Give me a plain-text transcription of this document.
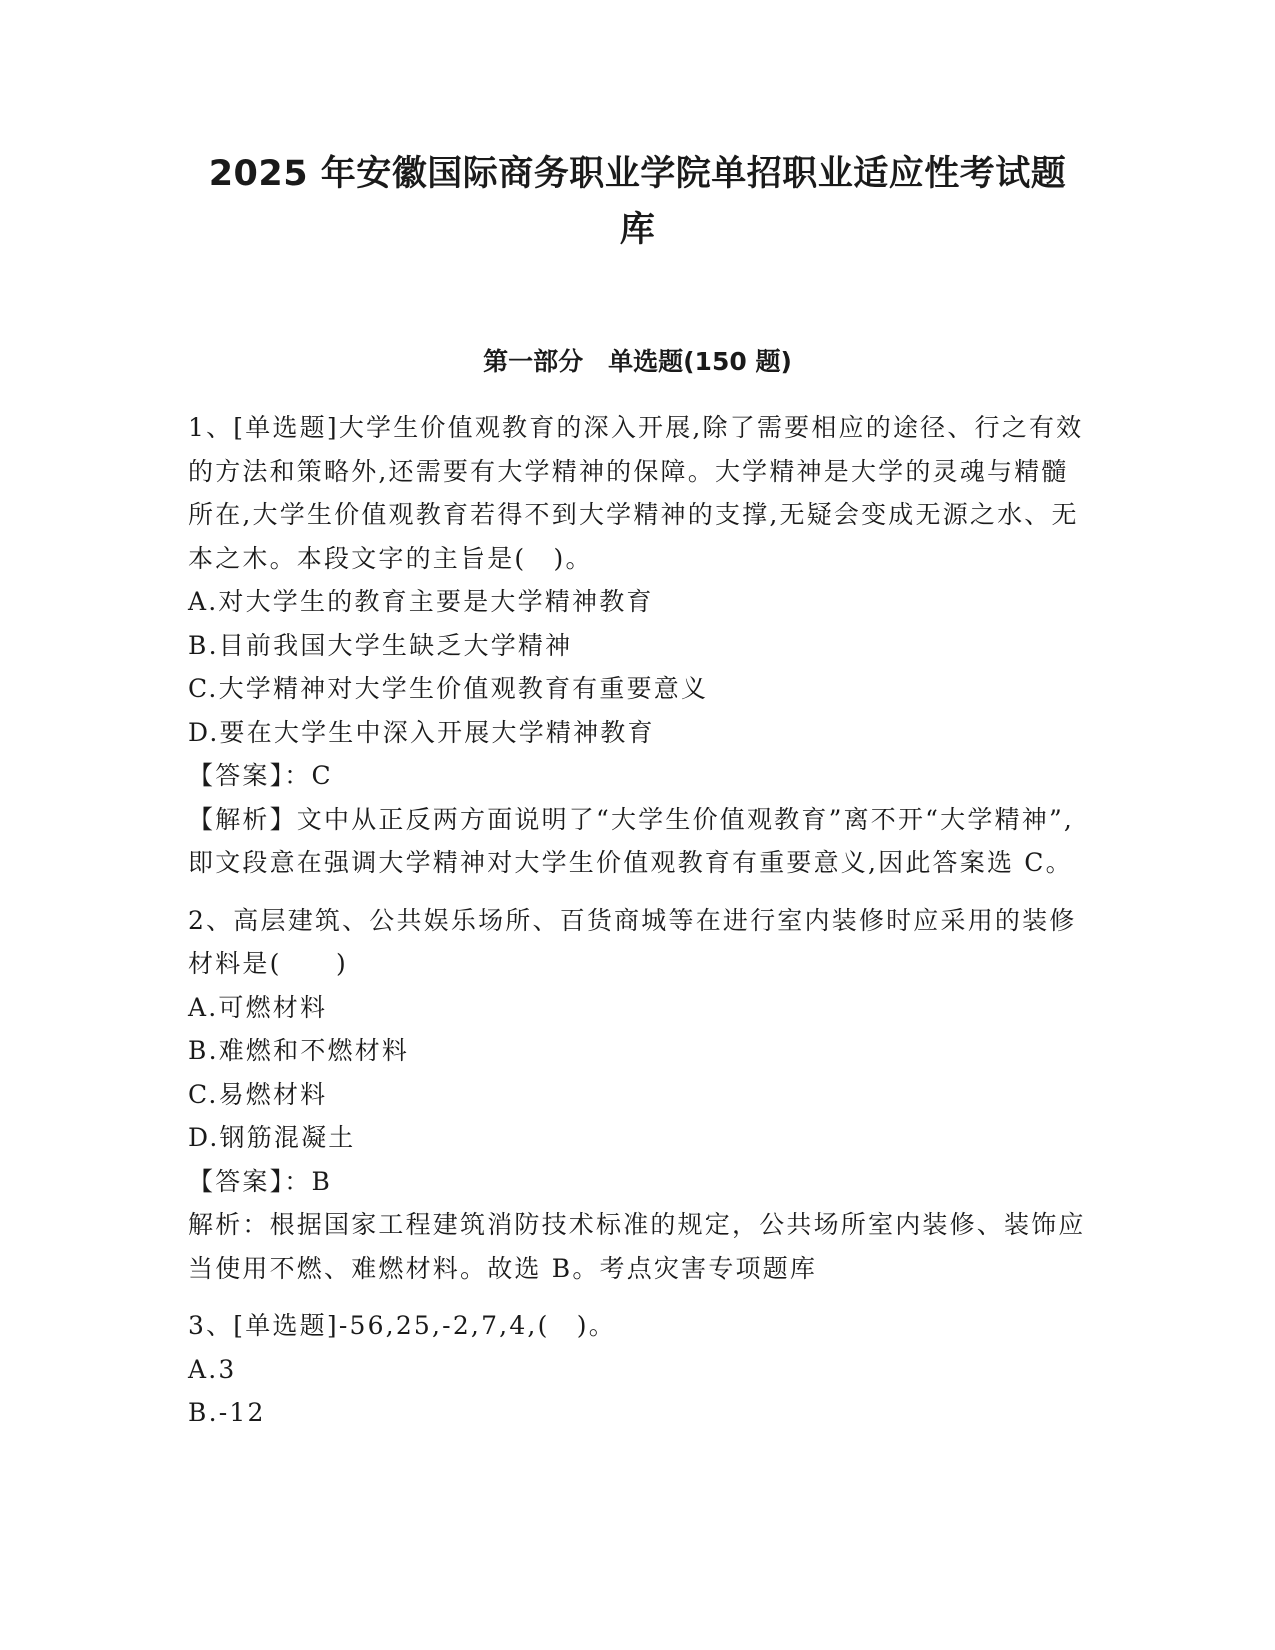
2025 年安徽国际商务职业学院单招职业适应性考试题
库
第一部分　单选题(150 题)

1、[单选题]大学生价值观教育的深入开展,除了需要相应的途径、行之有效的方法和策略外,还需要有大学精神的保障。大学精神是大学的灵魂与精髓所在,大学生价值观教育若得不到大学精神的支撑,无疑会变成无源之水、无本之木。本段文字的主旨是(　)。

A.对大学生的教育主要是大学精神教育

B.目前我国大学生缺乏大学精神

C.大学精神对大学生价值观教育有重要意义

D.要在大学生中深入开展大学精神教育

【答案】：C

【解析】文中从正反两方面说明了“大学生价值观教育”离不开“大学精神”,即文段意在强调大学精神对大学生价值观教育有重要意义,因此答案选 C。

2、高层建筑、公共娱乐场所、百货商城等在进行室内装修时应采用的装修材料是(　　)

A.可燃材料

B.难燃和不燃材料

C.易燃材料

D.钢筋混凝土

【答案】：B

解析：根据国家工程建筑消防技术标准的规定，公共场所室内装修、装饰应当使用不燃、难燃材料。故选 B。考点灾害专项题库

3、[单选题]-56,25,-2,7,4,(　)。

A.3

B.-12
